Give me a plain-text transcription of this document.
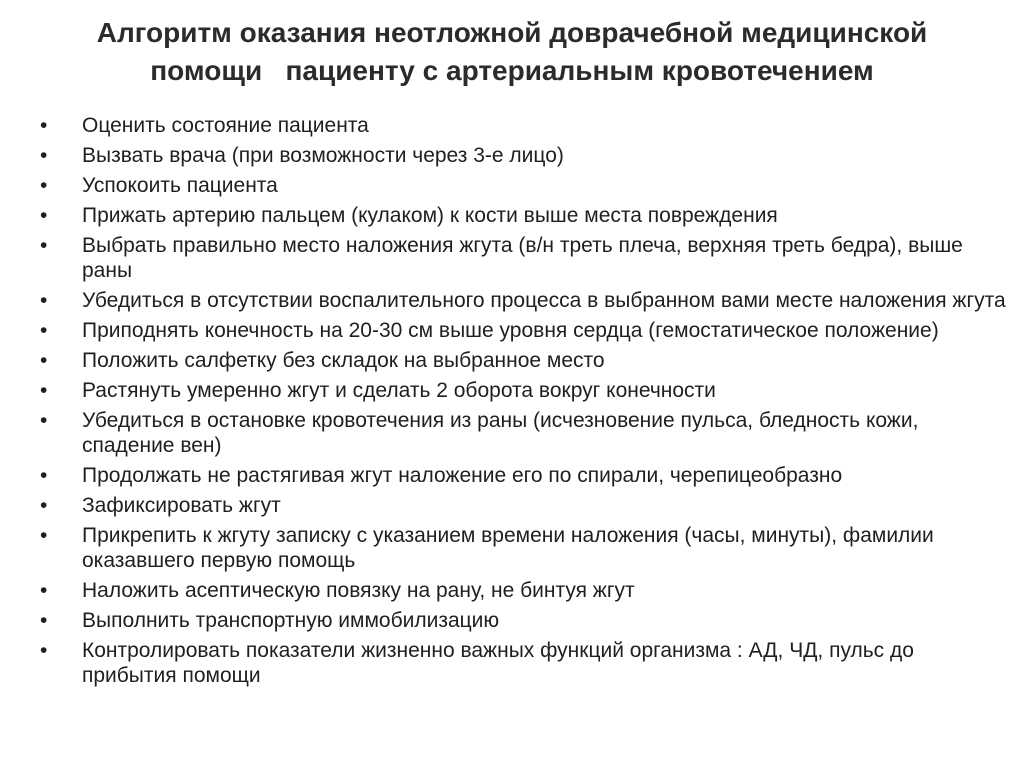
Алгоритм оказания неотложной доврачебной медицинской
помощи   пациенту с артериальным кровотечением
•	Оценить состояние пациента
•	Вызвать врача (при возможности через 3-е лицо)
•	Успокоить пациента
•	Прижать артерию пальцем (кулаком) к кости выше места повреждения
•	Выбрать правильно место наложения жгута (в/н треть плеча, верхняя треть бедра), выше раны
•	Убедиться в отсутствии воспалительного процесса в выбранном вами месте наложения жгута
•	Приподнять конечность на 20-30 см выше уровня сердца (гемостатическое положение)
•	Положить салфетку без складок на выбранное место
•	Растянуть умеренно жгут и сделать 2 оборота вокруг конечности
•	Убедиться в остановке кровотечения из раны (исчезновение пульса, бледность кожи, спадение вен)
•	Продолжать не растягивая жгут наложение его по спирали, черепицеобразно
•	Зафиксировать жгут
•	Прикрепить к жгуту записку с указанием времени наложения (часы, минуты), фамилии оказавшего первую помощь
•	Наложить асептическую повязку на рану, не бинтуя жгут
•	Выполнить транспортную иммобилизацию
•	Контролировать показатели жизненно важных функций организма : АД, ЧД, пульс до прибытия помощи
